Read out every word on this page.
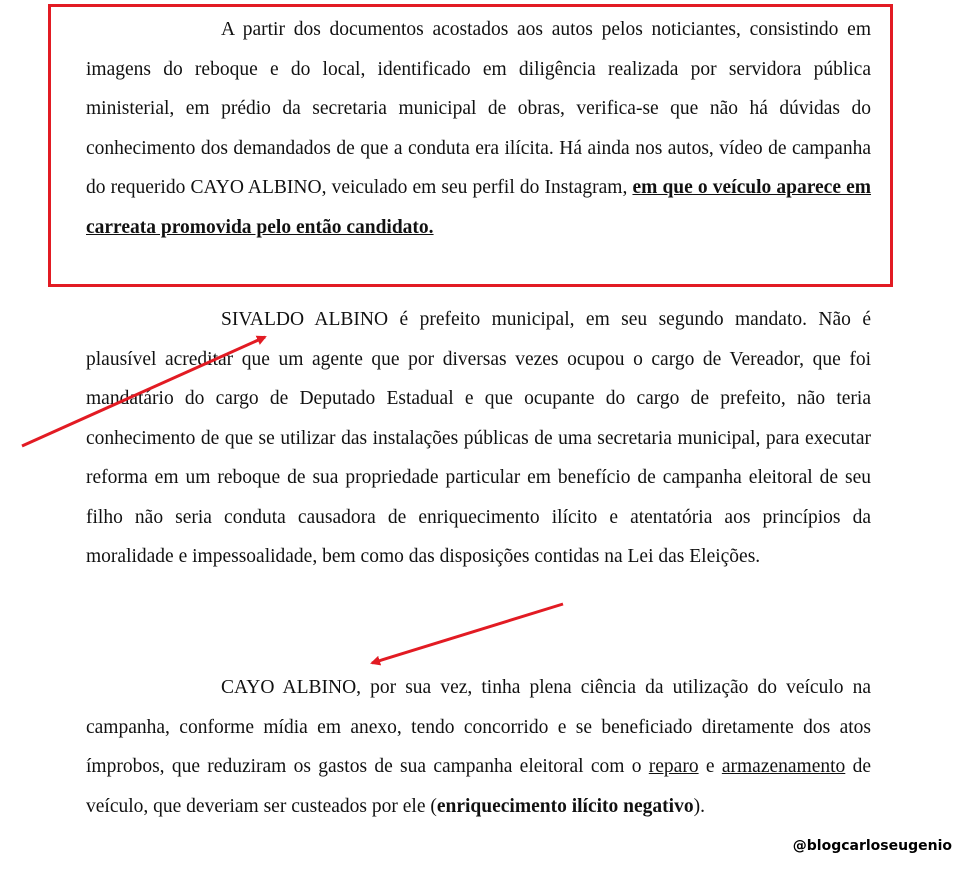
A partir dos documentos acostados aos autos pelos noticiantes, consistindo em imagens do reboque e do local, identificado em diligência realizada por servidora pública ministerial, em prédio da secretaria municipal de obras, verifica-se que não há dúvidas do conhecimento dos demandados de que a conduta era ilícita. Há ainda nos autos, vídeo de campanha do requerido CAYO ALBINO, veiculado em seu perfil do Instagram, em que o veículo aparece em carreata promovida pelo então candidato.

SIVALDO ALBINO é prefeito municipal, em seu segundo mandato. Não é plausível acreditar que um agente que por diversas vezes ocupou o cargo de Vereador, que foi mandatário do cargo de Deputado Estadual e que ocupante do cargo de prefeito, não teria conhecimento de que se utilizar das instalações públicas de uma secretaria municipal, para executar reforma em um reboque de sua propriedade particular em benefício de campanha eleitoral de seu filho não seria conduta causadora de enriquecimento ilícito e atentatória aos princípios da moralidade e impessoalidade, bem como das disposições contidas na Lei das Eleições.

CAYO ALBINO, por sua vez, tinha plena ciência da utilização do veículo na campanha, conforme mídia em anexo, tendo concorrido e se beneficiado diretamente dos atos ímprobos, que reduziram os gastos de sua campanha eleitoral com o reparo e armazenamento de veículo, que deveriam ser custeados por ele (enriquecimento ilícito negativo).

@blogcarloseugenio
